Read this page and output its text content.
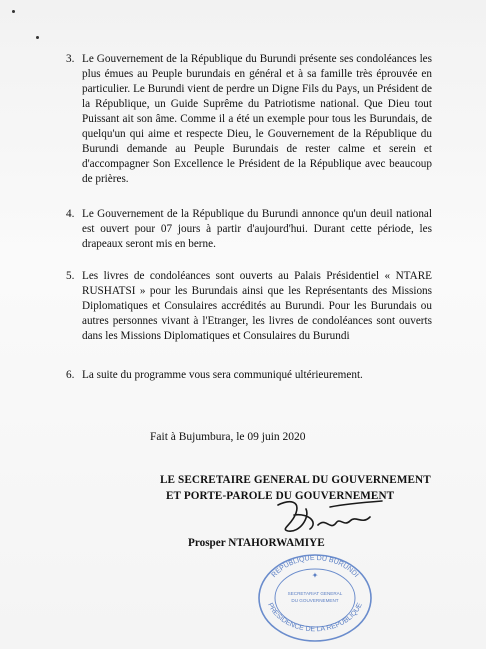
3. Le Gouvernement de la République du Burundi présente ses condoléances les plus émues au Peuple burundais en général et à sa famille très éprouvée en particulier. Le Burundi vient de perdre un Digne Fils du Pays, un Président de la République, un Guide Suprême du Patriotisme national. Que Dieu tout Puissant ait son âme. Comme il a été un exemple pour tous les Burundais, de quelqu'un qui aime et respecte Dieu, le Gouvernement de la République du Burundi demande au Peuple Burundais de rester calme et serein et d'accompagner Son Excellence le Président de la République avec beaucoup de prières.
4. Le Gouvernement de la République du Burundi annonce qu'un deuil national est ouvert pour 07 jours à partir d'aujourd'hui. Durant cette période, les drapeaux seront mis en berne.
5. Les livres de condoléances sont ouverts au Palais Présidentiel « NTARE RUSHATSI » pour les Burundais ainsi que les Représentants des Missions Diplomatiques et Consulaires accrédités au Burundi. Pour les Burundais ou autres personnes vivant à l'Etranger, les livres de condoléances sont ouverts dans les Missions Diplomatiques et Consulaires du Burundi
6. La suite du programme vous sera communiqué ultérieurement.
Fait à Bujumbura, le 09 juin 2020
LE SECRETAIRE GENERAL DU GOUVERNEMENT
ET PORTE-PAROLE DU GOUVERNEMENT
Prosper NTAHORWAMIYE
REPUBLIQUE DU BURUNDI
PRESIDENCE DE LA REPUBLIQUE
✦
SECRETARIAT GENERAL
DU GOUVERNEMENT
